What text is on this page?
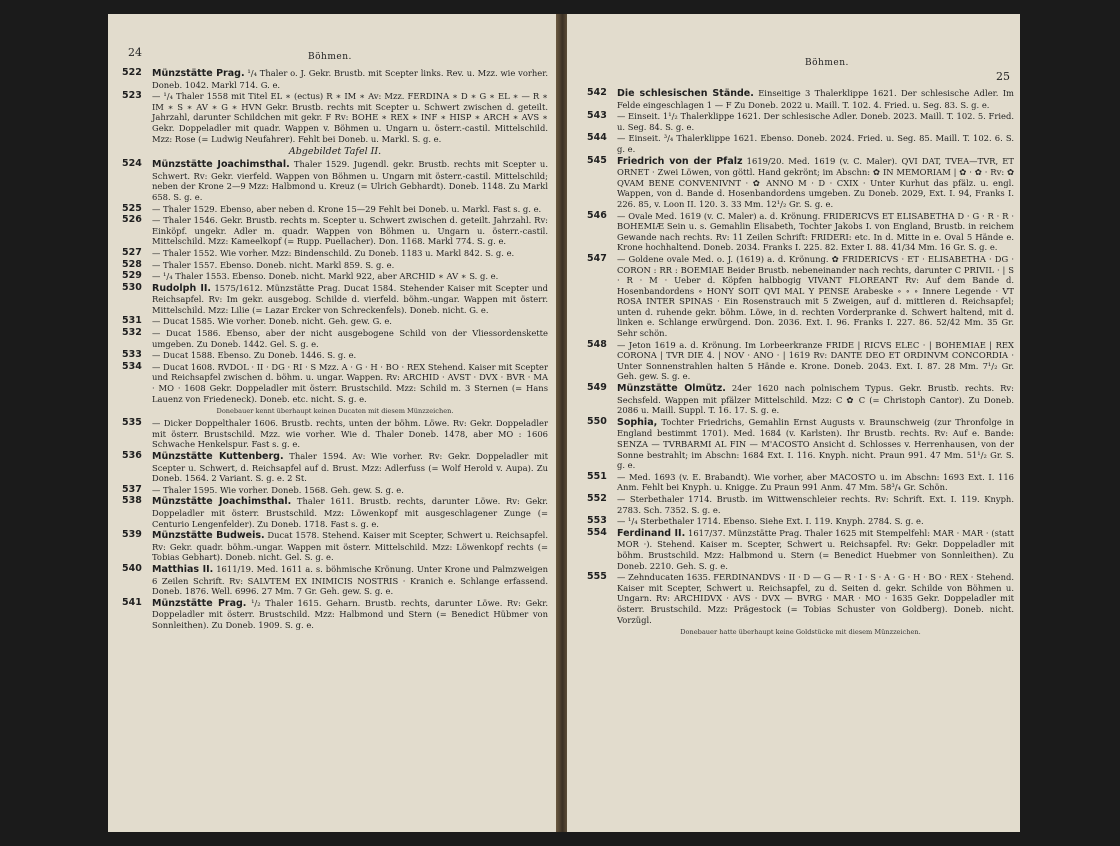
24	Böhmen.
522 Münzstätte Prag. ¹/₄ Thaler o. J. Gekr. Brustb. mit Scepter links. Rev. u. Mzz. wie vorher. Doneb. 1042. Markl 714. G. e.
523 — ¹/₄ Thaler 1558 mit Titel EL ∗ (ectus) R ∗ IM ∗ Av: Mzz. FERDINA ∗ D ∗ G ∗ EL ∗ — R ∗ IM ∗ S ∗ AV ∗ G ∗ HVN Gekr. Brustb. rechts mit Scepter u. Schwert zwischen d. geteilt. Jahrzahl, darunter Schildchen mit gekr. F Rv: BOHE ∗ REX ∗ INF ∗ HISP ∗ ARCH ∗ AVS ∗ Gekr. Doppeladler mit quadr. Wappen v. Böhmen u. Ungarn u. österr.-castil. Mittelschild. Mzz: Rose (= Ludwig Neufahrer). Fehlt bei Doneb. u. Markl. S. g. e.
Abgebildet Tafel II.
524 Münzstätte Joachimsthal. Thaler 1529. Jugendl. gekr. Brustb. rechts mit Scepter u. Schwert. Rv: Gekr. vierfeld. Wappen von Böhmen u. Ungarn mit österr.-castil. Mittelschild; neben der Krone 2—9 Mzz: Halbmond u. Kreuz (= Ulrich Gebhardt). Doneb. 1148. Zu Markl 658. S. g. e.
525 — Thaler 1529. Ebenso, aber neben d. Krone 15—29 Fehlt bei Doneb. u. Markl. Fast s. g. e.
526 — Thaler 1546. Gekr. Brustb. rechts m. Scepter u. Schwert zwischen d. geteilt. Jahrzahl. Rv: Einköpf. ungekr. Adler m. quadr. Wappen von Böhmen u. Ungarn u. österr.-castil. Mittelschild. Mzz: Kameelkopf (= Rupp. Puellacher). Don. 1168. Markl 774. S. g. e.
527 — Thaler 1552. Wie vorher. Mzz: Bindenschild. Zu Doneb. 1183 u. Markl 842. S. g. e.
528 — Thaler 1557. Ebenso. Doneb. nicht. Markl 859. S. g. e.
529 — ¹/₄ Thaler 1553. Ebenso. Doneb. nicht. Markl 922, aber ARCHID ∗ AV ∗ S. g. e.
530 Rudolph II. 1575/1612. Münzstätte Prag. Ducat 1584. Stehender Kaiser mit Scepter und Reichsapfel. Rv: Im gekr. ausgebog. Schilde d. vierfeld. böhm.-ungar. Wappen mit österr. Mittelschild. Mzz: Lilie (= Lazar Ercker von Schreckenfels). Doneb. nicht. G. e.
531 — Ducat 1585. Wie vorher. Doneb. nicht. Geh. gew. G. e.
532 — Ducat 1586. Ebenso, aber der nicht ausgebogene Schild von der Vliessordenskette umgeben. Zu Doneb. 1442. Gel. S. g. e.
533 — Ducat 1588. Ebenso. Zu Doneb. 1446. S. g. e.
534 — Ducat 1608. RVDOL · II · DG · RI · S Mzz. A · G · H · BO · REX Stehend. Kaiser mit Scepter und Reichsapfel zwischen d. böhm. u. ungar. Wappen. Rv: ARCHID · AVST · DVX · BVR · MA · MO · 1608 Gekr. Doppeladler mit österr. Brustschild. Mzz: Schild m. 3 Sternen (= Hans Lauenz von Friedeneck). Doneb. etc. nicht. S. g. e.
Donebauer kennt überhaupt keinen Ducaten mit diesem Münzzeichen.
535 — Dicker Doppelthaler 1606. Brustb. rechts, unten der böhm. Löwe. Rv: Gekr. Doppeladler mit österr. Brustschild. Mzz. wie vorher. Wie d. Thaler Doneb. 1478, aber MO : 1606 Schwache Henkelspur. Fast s. g. e.
536 Münzstätte Kuttenberg. Thaler 1594. Av: Wie vorher. Rv: Gekr. Doppeladler mit Scepter u. Schwert, d. Reichsapfel auf d. Brust. Mzz: Adlerfuss (= Wolf Herold v. Aupa). Zu Doneb. 1564. 2 Variant. S. g. e. 2 St.
537 — Thaler 1595. Wie vorher. Doneb. 1568. Geh. gew. S. g. e.
538 Münzstätte Joachimsthal. Thaler 1611. Brustb. rechts, darunter Löwe. Rv: Gekr. Doppeladler mit österr. Brustschild. Mzz: Löwenkopf mit ausgeschlagener Zunge (= Centurio Lengenfelder). Zu Doneb. 1718. Fast s. g. e.
539 Münzstätte Budweis. Ducat 1578. Stehend. Kaiser mit Scepter, Schwert u. Reichsapfel. Rv: Gekr. quadr. böhm.-ungar. Wappen mit österr. Mittelschild. Mzz: Löwenkopf rechts (= Tobias Gebhart). Doneb. nicht. Gel. S. g. e.
540 Matthias II. 1611/19. Med. 1611 a. s. böhmische Krönung. Unter Krone und Palmzweigen 6 Zeilen Schrift. Rv: SALVTEM EX INIMICIS NOSTRIS · Kranich e. Schlange erfassend. Doneb. 1876. Well. 6996. 27 Mm. 7 Gr. Geh. gew. S. g. e.
541 Münzstätte Prag. ¹/₂ Thaler 1615. Geharn. Brustb. rechts, darunter Löwe. Rv: Gekr. Doppeladler mit österr. Brustschild. Mzz: Halbmond und Stern (= Benedict Hübmer von Sonnleithen). Zu Doneb. 1909. S. g. e.
Böhmen.
25
542 Die schlesischen Stände. Einseitige 3 Thalerklippe 1621. Der schlesische Adler. Im Felde eingeschlagen 1 — F Zu Doneb. 2022 u. Maill. T. 102. 4. Fried. u. Seg. 83. S. g. e.
543 — Einseit. 1¹/₂ Thalerklippe 1621. Der schlesische Adler. Doneb. 2023. Maill. T. 102. 5. Fried. u. Seg. 84. S. g. e.
544 — Einseit. ³/₄ Thalerklippe 1621. Ebenso. Doneb. 2024. Fried. u. Seg. 85. Maill. T. 102. 6. S. g. e.
545 Friedrich von der Pfalz 1619/20. Med. 1619 (v. C. Maler). QVI DAT, TVEA—TVR, ET ORNET · Zwei Löwen, von göttl. Hand gekrönt; im Abschn: ✿ IN MEMORIAM | ✿ · ✿ · Rv: ✿ QVAM BENE CONVENIVNT · ✿ ANNO M · D · CXIX · Unter Kurhut das pfälz. u. engl. Wappen, von d. Bande d. Hosenbandordens umgeben. Zu Doneb. 2029, Ext. I. 94, Franks I. 226. 85, v. Loon II. 120. 3. 33 Mm. 12¹/₂ Gr. S. g. e.
546 — Ovale Med. 1619 (v. C. Maler) a. d. Krönung. FRIDERICVS ET ELISABETHA D · G · R · R · BOHEMIÆ Sein u. s. Gemahlin Elisabeth, Tochter Jakobs I. von England, Brustb. in reichem Gewande nach rechts. Rv: 11 Zeilen Schrift: FRIDERI: etc. In d. Mitte in e. Oval 5 Hände e. Krone hochhaltend. Doneb. 2034. Franks I. 225. 82. Exter I. 88. 41/34 Mm. 16 Gr. S. g. e.
547 — Goldene ovale Med. o. J. (1619) a. d. Krönung. ✿ FRIDERICVS · ET · ELISABETHA · DG · CORON : RR : BOEMIAE Beider Brustb. nebeneinander nach rechts, darunter C PRIVIL · | S · R · M · Ueber d. Köpfen halbbogig VIVANT FLOREANT Rv: Auf dem Bande d. Hosenbandordens ∘ HONY SOIT QVI MAL Y PENSE Arabeske ∘ ∘ ∘ Innere Legende · VT ROSA INTER SPINAS · Ein Rosenstrauch mit 5 Zweigen, auf d. mittleren d. Reichsapfel; unten d. ruhende gekr. böhm. Löwe, in d. rechten Vorderpranke d. Schwert haltend, mit d. linken e. Schlange erwürgend. Don. 2036. Ext. I. 96. Franks I. 227. 86. 52/42 Mm. 35 Gr. Sehr schön.
548 — Jeton 1619 a. d. Krönung. Im Lorbeerkranze FRIDE | RICVS ELEC · | BOHEMIAE | REX CORONA | TVR DIE 4. | NOV · ANO · | 1619 Rv: DANTE DEO ET ORDINVM CONCORDIA · Unter Sonnenstrahlen halten 5 Hände e. Krone. Doneb. 2043. Ext. I. 87. 28 Mm. 7¹/₂ Gr. Geh. gew. S. g. e.
549 Münzstätte Olmütz. 24er 1620 nach polnischem Typus. Gekr. Brustb. rechts. Rv: Sechsfeld. Wappen mit pfälzer Mittelschild. Mzz: C ✿ C (= Christoph Cantor). Zu Doneb. 2086 u. Maill. Suppl. T. 16. 17. S. g. e.
550 Sophia, Tochter Friedrichs, Gemahlin Ernst Augusts v. Braunschweig (zur Thronfolge in England bestimmt 1701). Med. 1684 (v. Karlsten). Ihr Brustb. rechts. Rv: Auf e. Bande: SENZA — TVRBARMI AL FIN — M'ACOSTO Ansicht d. Schlosses v. Herrenhausen, von der Sonne bestrahlt; im Abschn: 1684 Ext. I. 116. Knyph. nicht. Praun 991. 47 Mm. 51¹/₂ Gr. S. g. e.
551 — Med. 1693 (v. E. Brabandt). Wie vorher, aber MACOSTO u. im Abschn: 1693 Ext. I. 116 Anm. Fehlt bei Knyph. u. Knigge. Zu Praun 991 Anm. 47 Mm. 58³/₄ Gr. Schön.
552 — Sterbethaler 1714. Brustb. im Wittwenschleier rechts. Rv: Schrift. Ext. I. 119. Knyph. 2783. Sch. 7352. S. g. e.
553 — ¹/₄ Sterbethaler 1714. Ebenso. Siehe Ext. I. 119. Knyph. 2784. S. g. e.
554 Ferdinand II. 1617/37. Münzstätte Prag. Thaler 1625 mit Stempelfehl: MAR · MAR · (statt MOR ·). Stehend. Kaiser m. Scepter, Schwert u. Reichsapfel. Rv: Gekr. Doppeladler mit böhm. Brustschild. Mzz: Halbmond u. Stern (= Benedict Huebmer von Sonnleithen). Zu Doneb. 2210. Geh. S. g. e.
555 — Zehnducaten 1635. FERDINANDVS · II · D — G — R · I · S · A · G · H · BO · REX · Stehend. Kaiser mit Scepter, Schwert u. Reichsapfel, zu d. Seiten d. gekr. Schilde von Böhmen u. Ungarn. Rv: ARCHIDVX · AVS · DVX — BVRG · MAR · MO · 1635 Gekr. Doppeladler mit österr. Brustschild. Mzz: Prägestock (= Tobias Schuster von Goldberg). Doneb. nicht. Vorzügl.
Donebauer hatte überhaupt keine Goldstücke mit diesem Münzzeichen.
